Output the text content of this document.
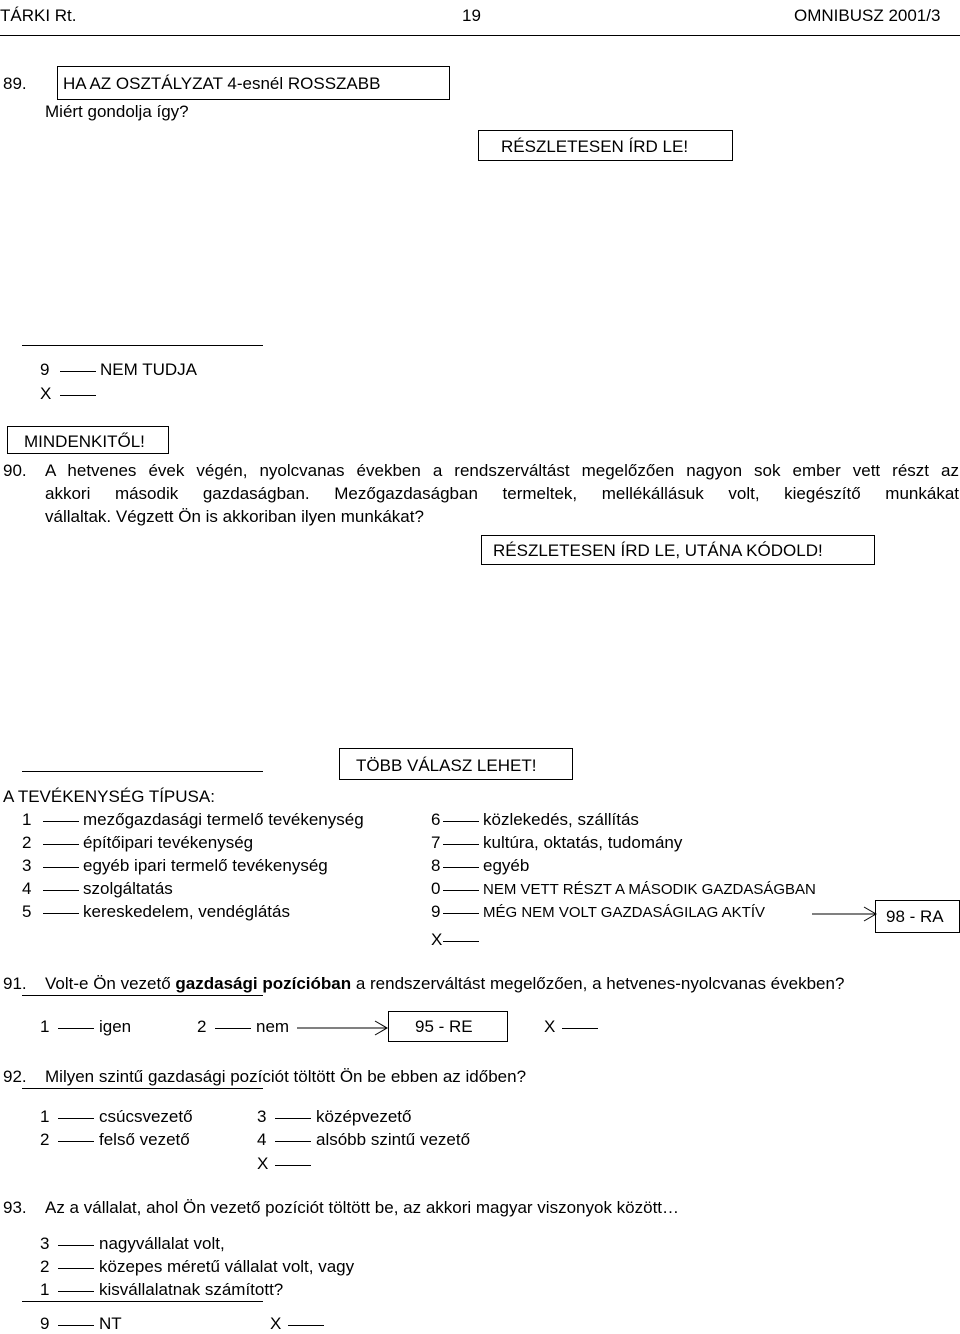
TÁRKI Rt.	19	OMNIBUSZ 2001/3
89. HA AZ OSZTÁLYZAT 4-esnél ROSSZABB
Miért gondolja így?
RÉSZLETESEN ÍRD LE!
9	NEM TUDJA
X
MINDENKITŐL!
90. A hetvenes évek végén, nyolcvanas években a rendszerváltást megelőzően nagyon sok ember vett részt az
akkori második gazdaságban. Mezőgazdaságban termeltek, mellékállásuk volt, kiegészítő munkákat
vállaltak. Végzett Ön is akkoriban ilyen munkákat?
RÉSZLETESEN ÍRD LE, UTÁNA KÓDOLD!
TÖBB VÁLASZ LEHET!
A TEVÉKENYSÉG TÍPUSA:
1	mezőgazdasági termelő tevékenység
2	építőipari tevékenység
3	egyéb ipari termelő tevékenység
4	szolgáltatás
5	kereskedelem, vendéglátás
6	közlekedés, szállítás
7	kultúra, oktatás, tudomány
8	egyéb
0	NEM VETT RÉSZT A MÁSODIK GAZDASÁGBAN
9	MÉG NEM VOLT GAZDASÁGILAG AKTÍV
X
98 - RA
91. Volt-e Ön vezető gazdasági pozícióban a rendszerváltást megelőzően, a hetvenes-nyolcvanas években?
1	igen	2	nem	95 - RE	X
92. Milyen szintű gazdasági pozíciót töltött Ön be ebben az időben?
1	csúcsvezető	3	középvezető
2	felső vezető	4	alsóbb szintű vezető
X
93. Az a vállalat, ahol Ön vezető pozíciót töltött be, az akkori magyar viszonyok között…
3	nagyvállalat volt,
2	közepes méretű vállalat volt, vagy
1	kisvállalatnak számított?
9	NT	X
